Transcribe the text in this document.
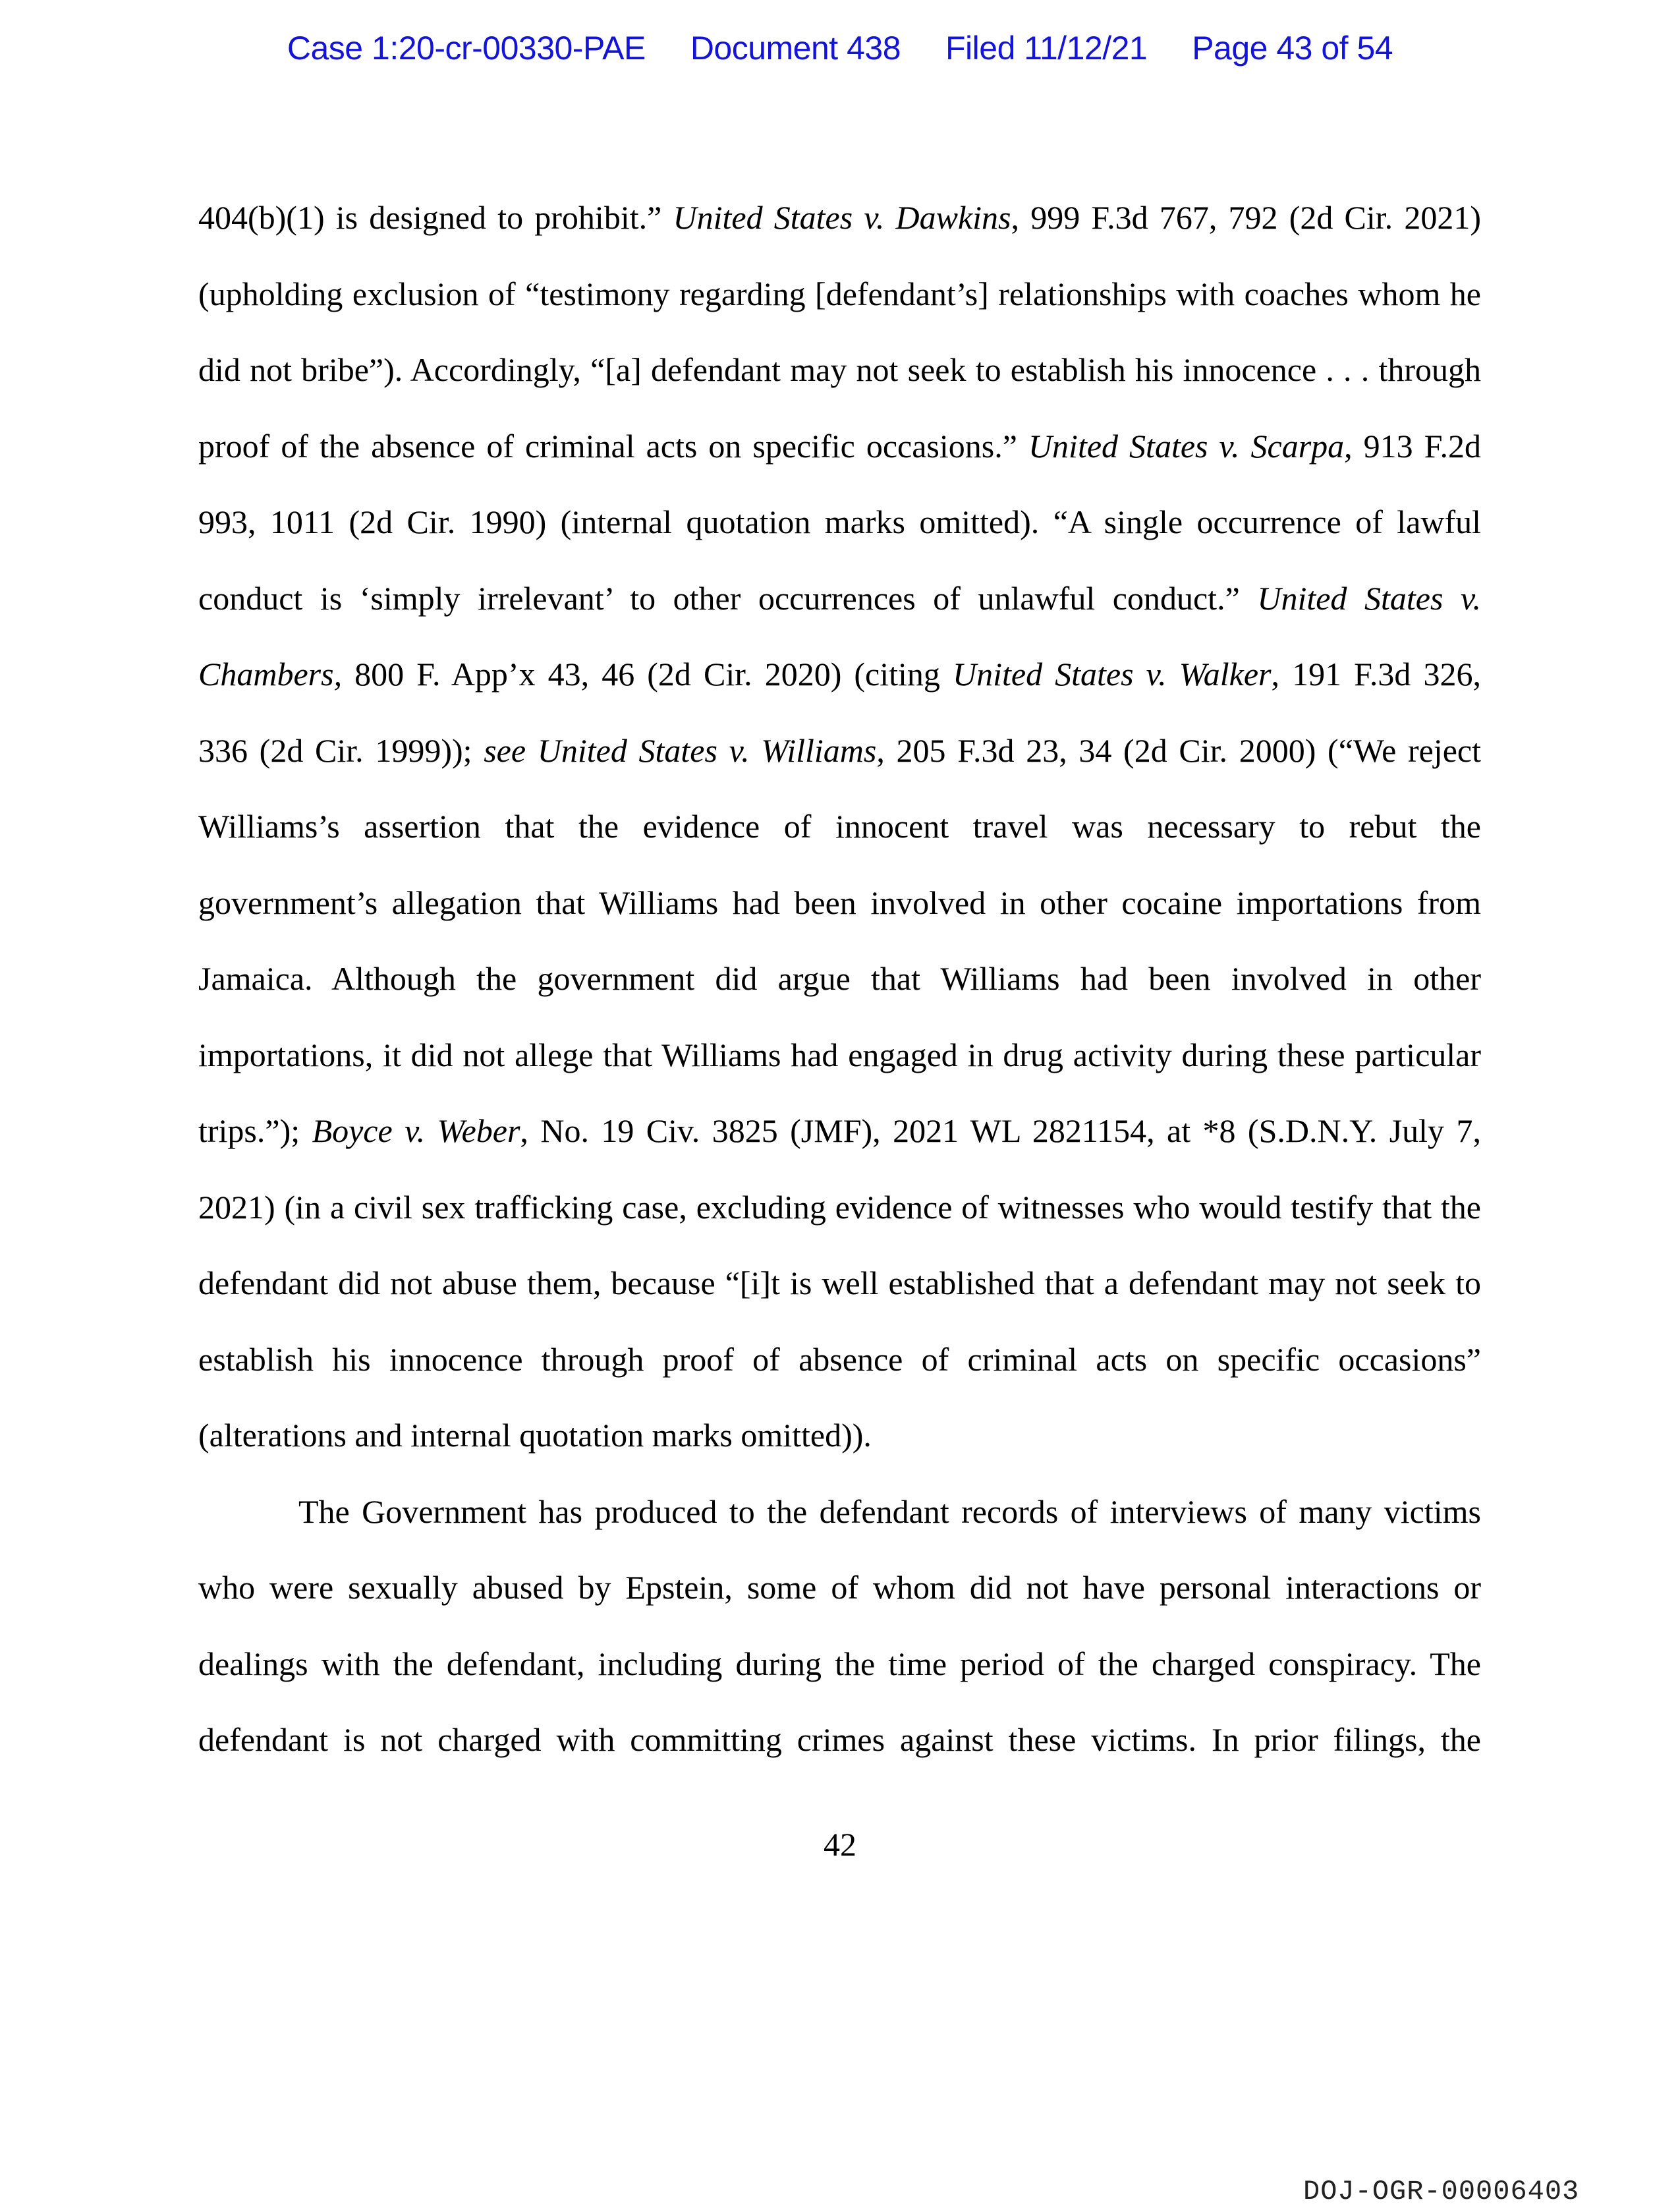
Case 1:20-cr-00330-PAE Document 438 Filed 11/12/21 Page 43 of 54
404(b)(1) is designed to prohibit.” United States v. Dawkins, 999 F.3d 767, 792 (2d Cir. 2021)
(upholding exclusion of “testimony regarding [defendant’s] relationships with coaches whom he
did not bribe”). Accordingly, “[a] defendant may not seek to establish his innocence . . . through
proof of the absence of criminal acts on specific occasions.” United States v. Scarpa, 913 F.2d
993, 1011 (2d Cir. 1990) (internal quotation marks omitted). “A single occurrence of lawful
conduct is ‘simply irrelevant’ to other occurrences of unlawful conduct.” United States v.
Chambers, 800 F. App’x 43, 46 (2d Cir. 2020) (citing United States v. Walker, 191 F.3d 326,
336 (2d Cir. 1999)); see United States v. Williams, 205 F.3d 23, 34 (2d Cir. 2000) (“We reject
Williams’s assertion that the evidence of innocent travel was necessary to rebut the
government’s allegation that Williams had been involved in other cocaine importations from
Jamaica. Although the government did argue that Williams had been involved in other
importations, it did not allege that Williams had engaged in drug activity during these particular
trips.”); Boyce v. Weber, No. 19 Civ. 3825 (JMF), 2021 WL 2821154, at *8 (S.D.N.Y. July 7,
2021) (in a civil sex trafficking case, excluding evidence of witnesses who would testify that the
defendant did not abuse them, because “[i]t is well established that a defendant may not seek to
establish his innocence through proof of absence of criminal acts on specific occasions”
(alterations and internal quotation marks omitted)).
The Government has produced to the defendant records of interviews of many victims
who were sexually abused by Epstein, some of whom did not have personal interactions or
dealings with the defendant, including during the time period of the charged conspiracy. The
defendant is not charged with committing crimes against these victims. In prior filings, the
42
DOJ-OGR-00006403
